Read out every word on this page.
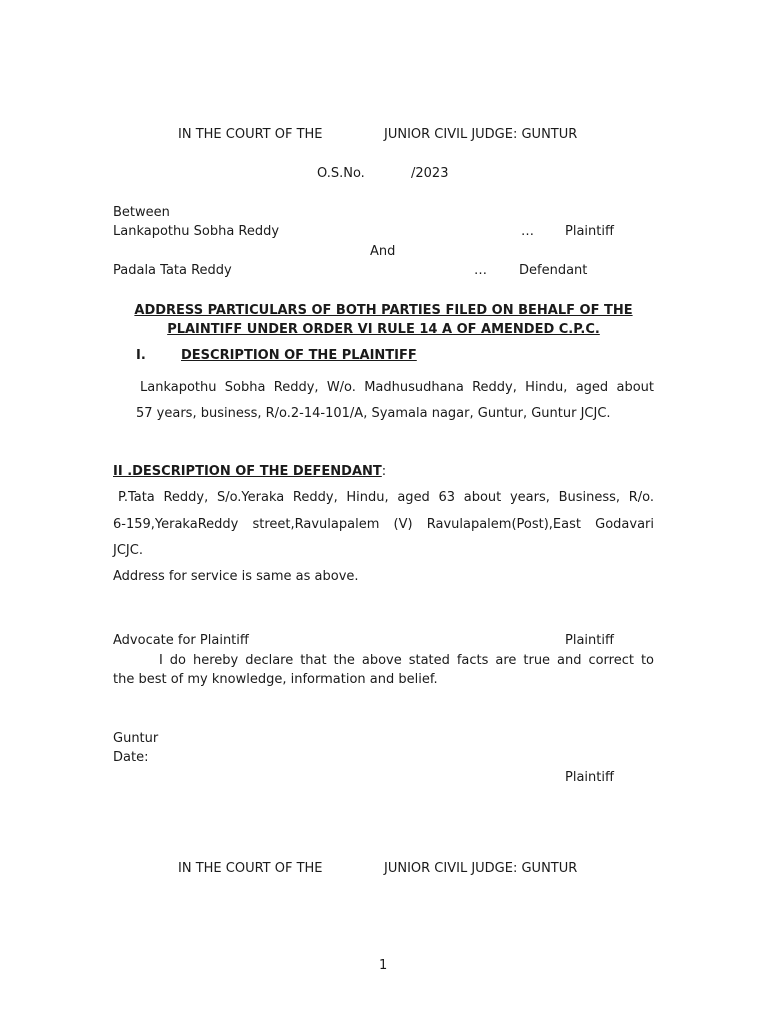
IN THE COURT OF THE	JUNIOR CIVIL JUDGE: GUNTUR
O.S.No.	/2023
Between
Lankapothu Sobha Reddy	… Plaintiff
And
Padala Tata Reddy	… Defendant
ADDRESS PARTICULARS OF BOTH PARTIES FILED ON BEHALF OF THE
PLAINTIFF UNDER ORDER VI RULE 14 A OF AMENDED C.P.C.
I.	DESCRIPTION OF THE PLAINTIFF
Lankapothu Sobha Reddy, W/o. Madhusudhana Reddy, Hindu, aged about
57 years, business, R/o.2-14-101/A, Syamala nagar, Guntur, Guntur JCJC.
II .DESCRIPTION OF THE DEFENDANT:
P.Tata Reddy, S/o.Yeraka Reddy, Hindu, aged 63 about years, Business, R/o.
6-159,YerakaReddy street,Ravulapalem (V) Ravulapalem(Post),East Godavari
JCJC.
Address for service is same as above.
Advocate for Plaintiff	Plaintiff
I do hereby declare that the above stated facts are true and correct to
the best of my knowledge, information and belief.
Guntur
Date:
Plaintiff
IN THE COURT OF THE	JUNIOR CIVIL JUDGE: GUNTUR
1
